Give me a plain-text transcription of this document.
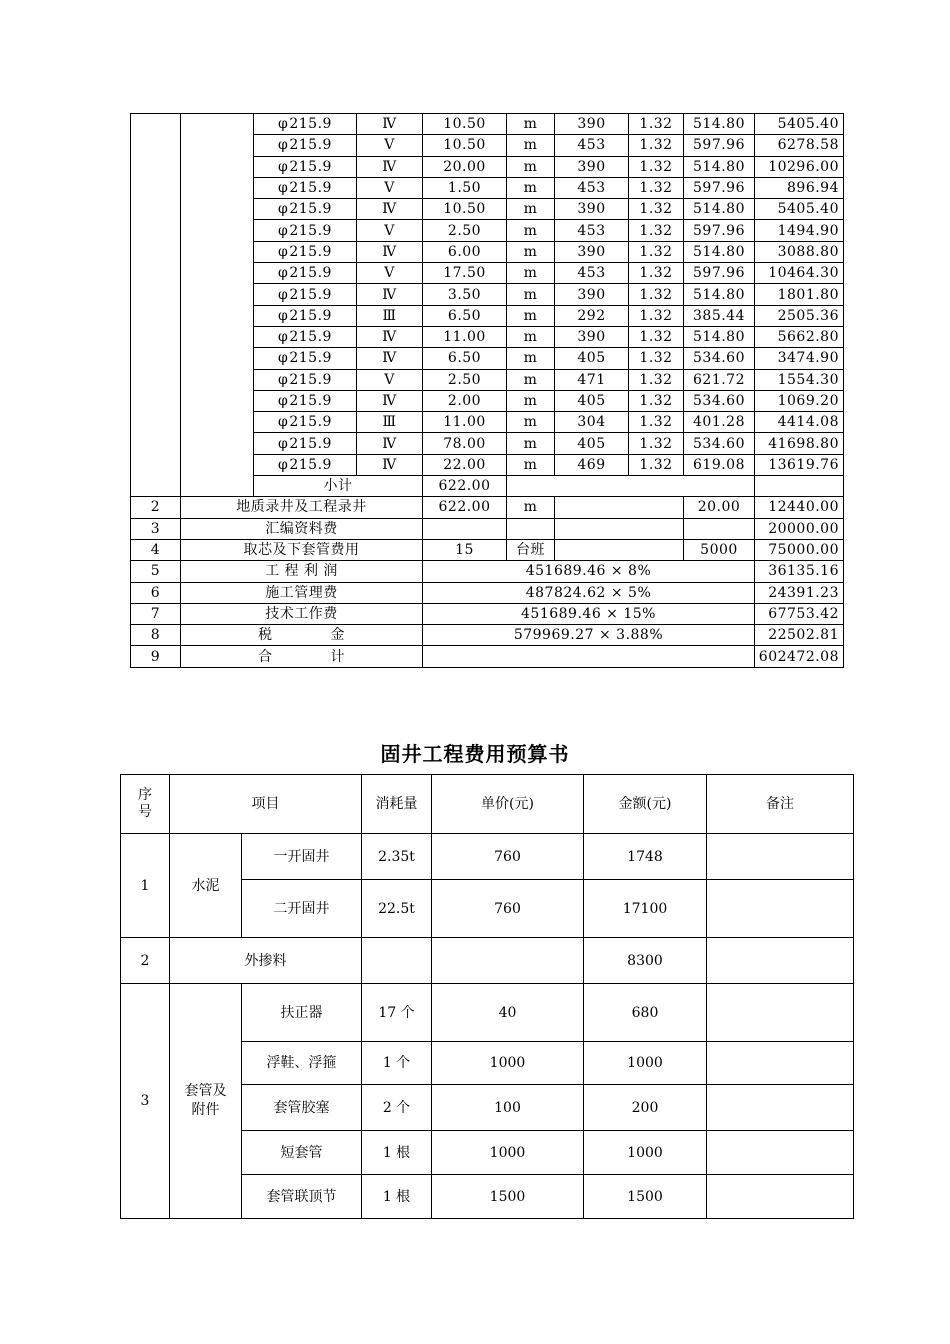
		φ215.9	Ⅳ	10.50	m	390	1.32	514.80	5405.40	
		φ215.9	Ⅴ	10.50	m	453	1.32	597.96	6278.58	
		φ215.9	Ⅳ	20.00	m	390	1.32	514.80	10296.00	
		φ215.9	Ⅴ	1.50	m	453	1.32	597.96	896.94	
		φ215.9	Ⅳ	10.50	m	390	1.32	514.80	5405.40	
		φ215.9	Ⅴ	2.50	m	453	1.32	597.96	1494.90	
		φ215.9	Ⅳ	6.00	m	390	1.32	514.80	3088.80	
		φ215.9	Ⅴ	17.50	m	453	1.32	597.96	10464.30	
		φ215.9	Ⅳ	3.50	m	390	1.32	514.80	1801.80	
		φ215.9	Ⅲ	6.50	m	292	1.32	385.44	2505.36	
		φ215.9	Ⅳ	11.00	m	390	1.32	514.80	5662.80	
		φ215.9	Ⅳ	6.50	m	405	1.32	534.60	3474.90	
		φ215.9	Ⅴ	2.50	m	471	1.32	621.72	1554.30	
		φ215.9	Ⅳ	2.00	m	405	1.32	534.60	1069.20	
		φ215.9	Ⅲ	11.00	m	304	1.32	401.28	4414.08	
		φ215.9	Ⅳ	78.00	m	405	1.32	534.60	41698.80	
		φ215.9	Ⅳ	22.00	m	469	1.32	619.08	13619.76	
		小计		622.00			
2	地质录井及工程录井			622.00	m			20.00	12440.00	
3	汇编资料费								20000.00	
4	取芯及下套管费用			15	台班			5000	75000.00	
5	工 程 利 润			451689.46 × 8%					36135.16	
6	施工管理费			487824.62 × 5%					24391.23	
7	技术工作费			451689.46 × 15%					67753.42	
8	税　　　　金			579969.27 × 3.88%					22502.81	
9	合　　　　计								602472.08	
固井工程费用预算书
序 号	项目		消耗量	单价(元)	金额(元)	备注
1	水泥	一开固井	2.35t	760	1748	
		二开固井	22.5t	760	17100	
2	外掺料				8300	
3	套管及附件	扶正器	17 个	40	680	
		浮鞋、浮箍	1 个	1000	1000	
		套管胶塞	2 个	100	200	
		短套管	1 根	1000	1000	
		套管联顶节	1 根	1500	1500	
